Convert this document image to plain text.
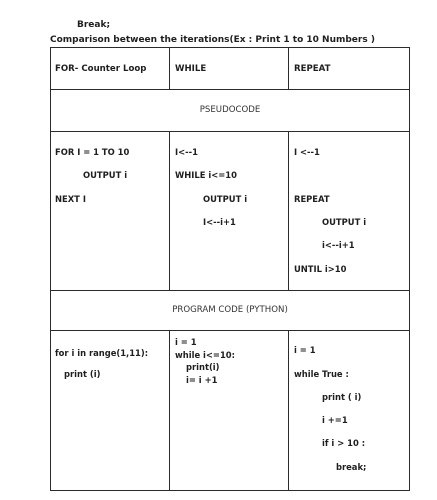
Break;
Comparison between the iterations(Ex : Print 1 to 10 Numbers )
FOR- Counter Loop	WHILE	REPEAT
PSEUDOCODE
PROGRAM CODE (PYTHON)
FOR I = 1 TO 10
OUTPUT i
NEXT I
I<--1
WHILE i<=10
OUTPUT i
I<--i+1
I <--1
REPEAT
OUTPUT i
i<--i+1
UNTIL i>10
for i in range(1,11):
print (i)
i = 1
while i<=10:
print(i)
i= i +1
i = 1
while True :
print ( i)
i +=1
if i > 10 :
break;
